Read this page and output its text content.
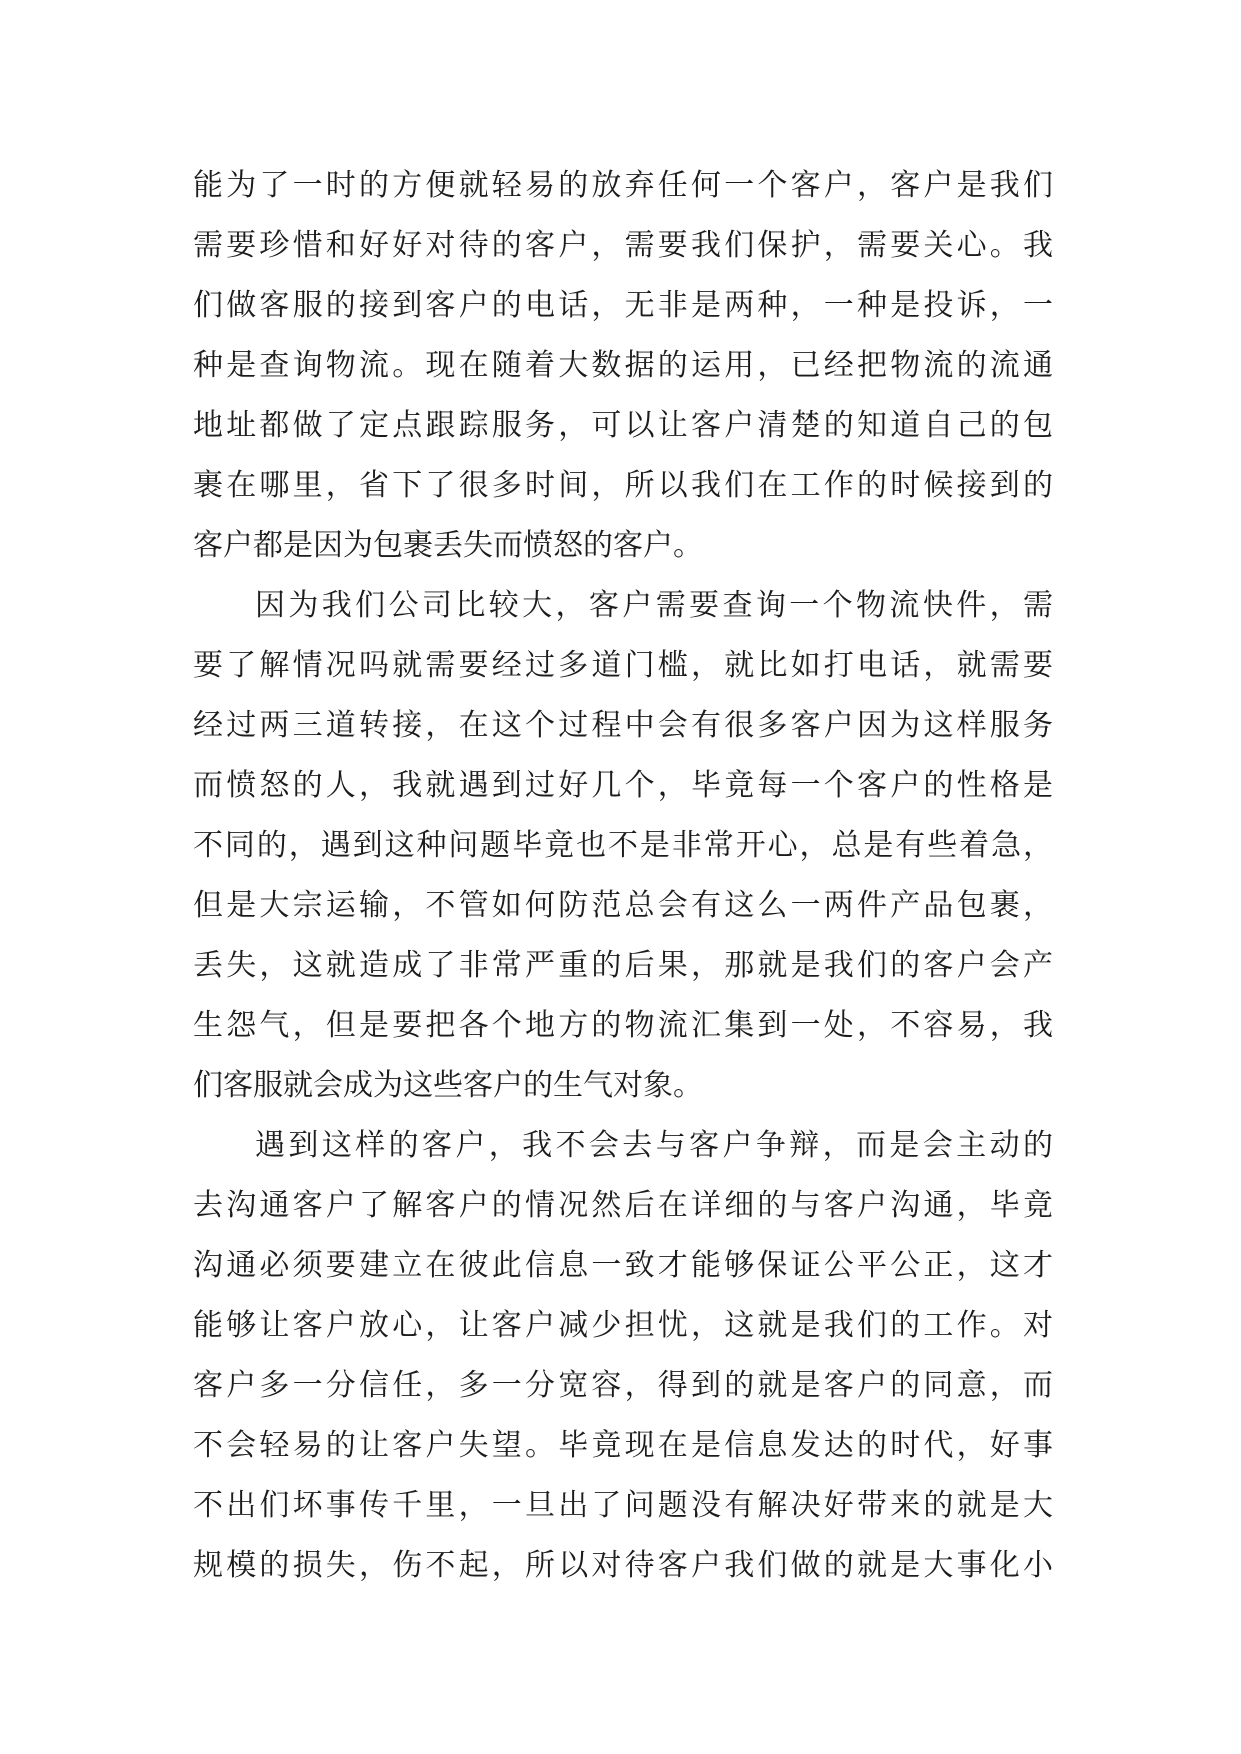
能为了一时的方便就轻易的放弃任何一个客户，客户是我们
需要珍惜和好好对待的客户，需要我们保护，需要关心。我
们做客服的接到客户的电话，无非是两种，一种是投诉，一
种是查询物流。现在随着大数据的运用，已经把物流的流通
地址都做了定点跟踪服务，可以让客户清楚的知道自己的包
裹在哪里，省下了很多时间，所以我们在工作的时候接到的
客户都是因为包裹丢失而愤怒的客户。
因为我们公司比较大，客户需要查询一个物流快件，需
要了解情况吗就需要经过多道门槛，就比如打电话，就需要
经过两三道转接，在这个过程中会有很多客户因为这样服务
而愤怒的人，我就遇到过好几个，毕竟每一个客户的性格是
不同的，遇到这种问题毕竟也不是非常开心，总是有些着急，
但是大宗运输，不管如何防范总会有这么一两件产品包裹，
丢失，这就造成了非常严重的后果，那就是我们的客户会产
生怨气，但是要把各个地方的物流汇集到一处，不容易，我
们客服就会成为这些客户的生气对象。
遇到这样的客户，我不会去与客户争辩，而是会主动的
去沟通客户了解客户的情况然后在详细的与客户沟通，毕竟
沟通必须要建立在彼此信息一致才能够保证公平公正，这才
能够让客户放心，让客户减少担忧，这就是我们的工作。对
客户多一分信任，多一分宽容，得到的就是客户的同意，而
不会轻易的让客户失望。毕竟现在是信息发达的时代，好事
不出们坏事传千里，一旦出了问题没有解决好带来的就是大
规模的损失，伤不起，所以对待客户我们做的就是大事化小
